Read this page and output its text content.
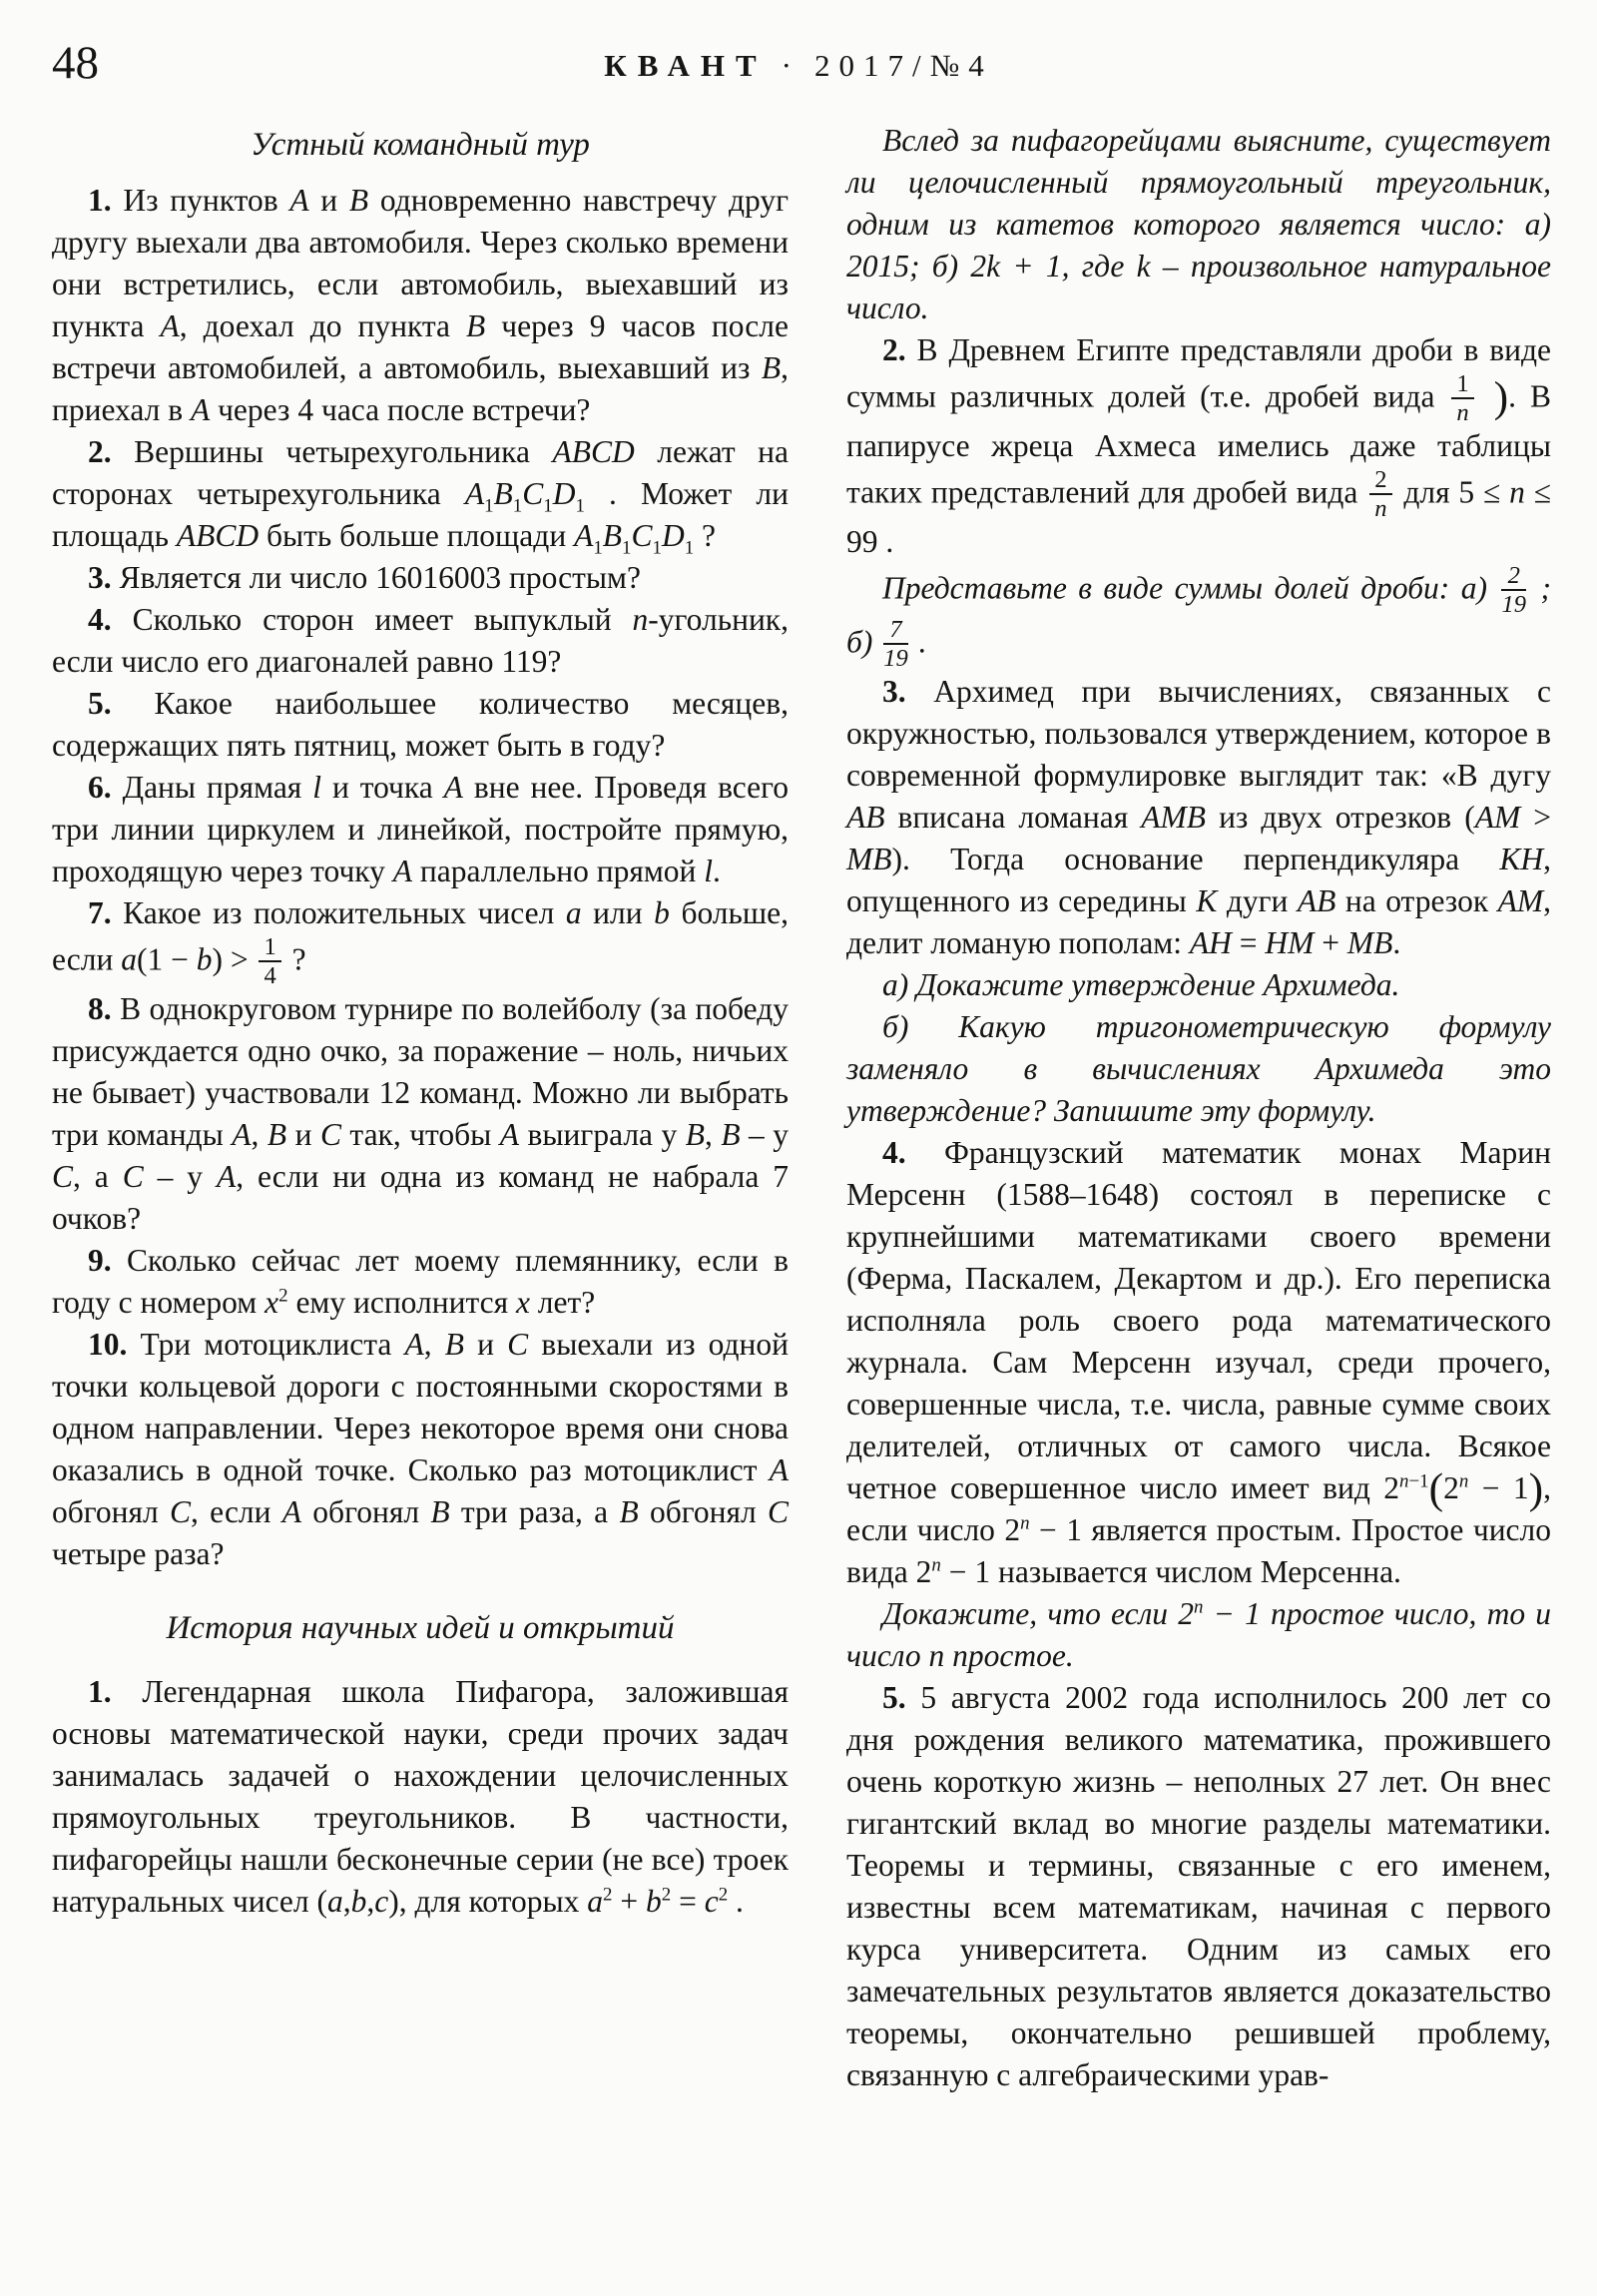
48	КВАНТ · 2017/№4
Устный командный тур

1. Из пунктов A и B одновременно навстречу друг другу выехали два автомобиля. Через сколько времени они встретились, если автомобиль, выехавший из пункта A, доехал до пункта B через 9 часов после встречи автомобилей, а автомобиль, выехавший из B, приехал в A через 4 часа после встречи?

2. Вершины четырехугольника ABCD лежат на сторонах четырехугольника $A_1B_1C_1D_1$ . Может ли площадь ABCD быть больше площади $A_1B_1C_1D_1$ ?

3. Является ли число 16016003 простым?

4. Сколько сторон имеет выпуклый n-угольник, если число его диагоналей равно 119?

5. Какое наибольшее количество месяцев, содержащих пять пятниц, может быть в году?

6. Даны прямая l и точка A вне нее. Проведя всего три линии циркулем и линейкой, постройте прямую, проходящую через точку A параллельно прямой l.

7. Какое из положительных чисел a или b больше, если $a(1 - b) > \frac{1}{4}$ ?

8. В однокруговом турнире по волейболу (за победу присуждается одно очко, за поражение – ноль, ничьих не бывает) участвовали 12 команд. Можно ли выбрать три команды A, B и C так, чтобы A выиграла у B, B – у C, а C – у A, если ни одна из команд не набрала 7 очков?

9. Сколько сейчас лет моему племяннику, если в году с номером $x^2$ ему исполнится x лет?

10. Три мотоциклиста A, B и C выехали из одной точки кольцевой дороги с постоянными скоростями в одном направлении. Через некоторое время они снова оказались в одной точке. Сколько раз мотоциклист A обгонял C, если A обгонял B три раза, а B обгонял C четыре раза?

История научных идей и открытий

1. Легендарная школа Пифагора, заложившая основы математической науки, среди прочих задач занималась задачей о нахождении целочисленных прямоугольных треугольников. В частности, пифагорейцы нашли бесконечные серии (не все) троек натуральных чисел (a,b,c), для которых $a^2 + b^2 = c^2$ .

Вслед за пифагорейцами выясните, существует ли целочисленный прямоугольный треугольник, одним из катетов которого является число: а) 2015; б) 2k + 1, где k – произвольное натуральное число.

2. В Древнем Египте представляли дроби в виде суммы различных долей (т.е. дробей вида $\frac{1}{n}$ ). В папирусе жреца Ахмеса имелись даже таблицы таких представлений для дробей вида $\frac{2}{n}$ для 5 ≤ n ≤ 99 .

Представьте в виде суммы долей дроби: $а) \frac{2}{19}$ ; $б) \frac{7}{19}$ .

3. Архимед при вычислениях, связанных с окружностью, пользовался утверждением, которое в современной формулировке выглядит так: «В дугу AB вписана ломаная AMB из двух отрезков (AM > MB). Тогда основание перпендикуляра KH, опущенного из середины K дуги AB на отрезок AM, делит ломаную пополам: AH = HM + MB.

а) Докажите утверждение Архимеда.

б) Какую тригонометрическую формулу заменяло в вычислениях Архимеда это утверждение? Запишите эту формулу.

4. Французский математик монах Марин Мерсенн (1588–1648) состоял в переписке с крупнейшими математиками своего времени (Ферма, Паскалем, Декартом и др.). Его переписка исполняла роль своего рода математического журнала. Сам Мерсенн изучал, среди прочего, совершенные числа, т.е. числа, равные сумме своих делителей, отличных от самого числа. Всякое четное совершенное число имеет вид $2^{n-1}(2^n - 1)$, если число $2^n - 1$ является простым. Простое число вида $2^n - 1$ называется числом Мерсенна.

Докажите, что если $2^n - 1$ простое число, то и число n простое.

5. 5 августа 2002 года исполнилось 200 лет со дня рождения великого математика, прожившего очень короткую жизнь – неполных 27 лет. Он внес гигантский вклад во многие разделы математики. Теоремы и термины, связанные с его именем, известны всем математикам, начиная с первого курса университета. Одним из самых его замечательных результатов является доказательство теоремы, окончательно решившей проблему, связанную с алгебраическими урав-
